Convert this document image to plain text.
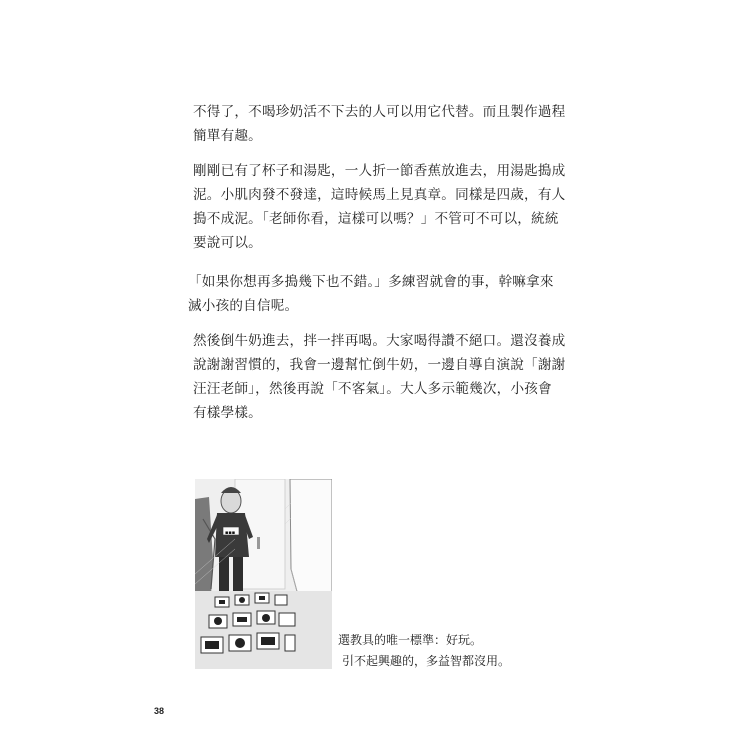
不得了，不喝珍奶活不下去的人可以用它代替。而且製作過程
簡單有趣。
剛剛已有了杯子和湯匙，一人折一節香蕉放進去，用湯匙搗成
泥。小肌肉發不發達，這時候馬上見真章。同樣是四歲，有人
搗不成泥。「老師你看，這樣可以嗎？」不管可不可以，統統
要說可以。
「如果你想再多搗幾下也不錯。」多練習就會的事，幹嘛拿來
滅小孩的自信呢。
然後倒牛奶進去，拌一拌再喝。大家喝得讚不絕口。還沒養成
說謝謝習慣的，我會一邊幫忙倒牛奶，一邊自導自演說「謝謝
汪汪老師」，然後再說「不客氣」。大人多示範幾次，小孩會
有樣學樣。
▪▪▪
選教具的唯一標準：好玩。
引不起興趣的，多益智都沒用。
38
